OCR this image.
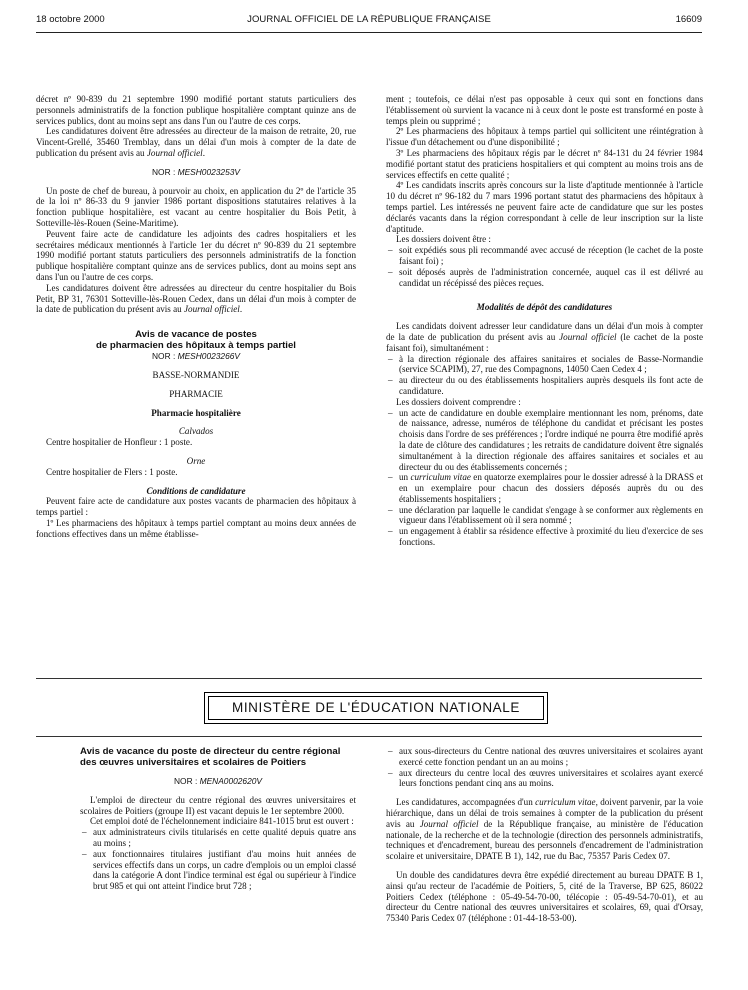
18 octobre 2000	JOURNAL OFFICIEL DE LA RÉPUBLIQUE FRANÇAISE	16609

décret nº 90-839 du 21 septembre 1990 modifié portant statuts particuliers des personnels administratifs de la fonction publique hospitalière comptant quinze ans de services publics, dont au moins sept ans dans l'un ou l'autre de ces corps.

Les candidatures doivent être adressées au directeur de la maison de retraite, 20, rue Vincent-Grellé, 35460 Tremblay, dans un délai d'un mois à compter de la date de publication du présent avis au Journal officiel.

NOR : MESH0023253V

Un poste de chef de bureau, à pourvoir au choix, en application du 2º de l'article 35 de la loi nº 86-33 du 9 janvier 1986 portant dispositions statutaires relatives à la fonction publique hospitalière, est vacant au centre hospitalier du Bois Petit, à Sotteville-lès-Rouen (Seine-Maritime).

Peuvent faire acte de candidature les adjoints des cadres hospitaliers et les secrétaires médicaux mentionnés à l'article 1er du décret nº 90-839 du 21 septembre 1990 modifié portant statuts particuliers des personnels administratifs de la fonction publique hospitalière comptant quinze ans de services publics, dont au moins sept ans dans l'un ou l'autre de ces corps.

Les candidatures doivent être adressées au directeur du centre hospitalier du Bois Petit, BP 31, 76301 Sotteville-lès-Rouen Cedex, dans un délai d'un mois à compter de la date de publication du présent avis au Journal officiel.

Avis de vacance de postes

de pharmacien des hôpitaux à temps partiel

NOR : MESH0023266V

BASSE-NORMANDIE

PHARMACIE

Pharmacie hospitalière

Calvados

Centre hospitalier de Honfleur : 1 poste.

Orne

Centre hospitalier de Flers : 1 poste.

Conditions de candidature

Peuvent faire acte de candidature aux postes vacants de pharmacien des hôpitaux à temps partiel :

1º Les pharmaciens des hôpitaux à temps partiel comptant au moins deux années de fonctions effectives dans un même établisse-

ment ; toutefois, ce délai n'est pas opposable à ceux qui sont en fonctions dans l'établissement où survient la vacance ni à ceux dont le poste est transformé en poste à temps plein ou supprimé ;

2º Les pharmaciens des hôpitaux à temps partiel qui sollicitent une réintégration à l'issue d'un détachement ou d'une disponibilité ;

3º Les pharmaciens des hôpitaux régis par le décret nº 84-131 du 24 février 1984 modifié portant statut des praticiens hospitaliers et qui comptent au moins trois ans de services effectifs en cette qualité ;

4º Les candidats inscrits après concours sur la liste d'aptitude mentionnée à l'article 10 du décret nº 96-182 du 7 mars 1996 portant statut des pharmaciens des hôpitaux à temps partiel. Les intéressés ne peuvent faire acte de candidature que sur les postes déclarés vacants dans la région correspondant à celle de leur inscription sur la liste d'aptitude.

Les dossiers doivent être :

– soit expédiés sous pli recommandé avec accusé de réception (le cachet de la poste faisant foi) ;
– soit déposés auprès de l'administration concernée, auquel cas il est délivré au candidat un récépissé des pièces reçues.

Modalités de dépôt des candidatures

Les candidats doivent adresser leur candidature dans un délai d'un mois à compter de la date de publication du présent avis au Journal officiel (le cachet de la poste faisant foi), simultanément :

– à la direction régionale des affaires sanitaires et sociales de Basse-Normandie (service SCAPIM), 27, rue des Compagnons, 14050 Caen Cedex 4 ;
– au directeur du ou des établissements hospitaliers auprès desquels ils font acte de candidature.

Les dossiers doivent comprendre :

– un acte de candidature en double exemplaire mentionnant les nom, prénoms, date de naissance, adresse, numéros de téléphone du candidat et précisant les postes choisis dans l'ordre de ses préférences ; l'ordre indiqué ne pourra être modifié après la date de clôture des candidatures ; les retraits de candidature doivent être signalés simultanément à la direction régionale des affaires sanitaires et sociales et au directeur du ou des établissements concernés ;
– un curriculum vitae en quatorze exemplaires pour le dossier adressé à la DRASS et en un exemplaire pour chacun des dossiers déposés auprès du ou des établissements hospitaliers ;
– une déclaration par laquelle le candidat s'engage à se conformer aux règlements en vigueur dans l'établissement où il sera nommé ;
– un engagement à établir sa résidence effective à proximité du lieu d'exercice de ses fonctions.
MINISTÈRE DE L'ÉDUCATION NATIONALE

Avis de vacance du poste de directeur du centre régional des œuvres universitaires et scolaires de Poitiers

NOR : MENA0002620V

L'emploi de directeur du centre régional des œuvres universitaires et scolaires de Poitiers (groupe II) est vacant depuis le 1er septembre 2000.

Cet emploi doté de l'échelonnement indiciaire 841-1015 brut est ouvert :

– aux administrateurs civils titularisés en cette qualité depuis quatre ans au moins ;
– aux fonctionnaires titulaires justifiant d'au moins huit années de services effectifs dans un corps, un cadre d'emplois ou un emploi classé dans la catégorie A dont l'indice terminal est égal ou supérieur à l'indice brut 985 et qui ont atteint l'indice brut 728 ;
– aux sous-directeurs du Centre national des œuvres universitaires et scolaires ayant exercé cette fonction pendant un an au moins ;
– aux directeurs du centre local des œuvres universitaires et scolaires ayant exercé leurs fonctions pendant cinq ans au moins.

Les candidatures, accompagnées d'un curriculum vitae, doivent parvenir, par la voie hiérarchique, dans un délai de trois semaines à compter de la publication du présent avis au Journal officiel de la République française, au ministère de l'éducation nationale, de la recherche et de la technologie (direction des personnels administratifs, techniques et d'encadrement, bureau des personnels d'encadrement de l'administration scolaire et universitaire, DPATE B 1), 142, rue du Bac, 75357 Paris Cedex 07.

Un double des candidatures devra être expédié directement au bureau DPATE B 1, ainsi qu'au recteur de l'académie de Poitiers, 5, cité de la Traverse, BP 625, 86022 Poitiers Cedex (téléphone : 05-49-54-70-00, télécopie : 05-49-54-70-01), et au directeur du Centre national des œuvres universitaires et scolaires, 69, quai d'Orsay, 75340 Paris Cedex 07 (téléphone : 01-44-18-53-00).
